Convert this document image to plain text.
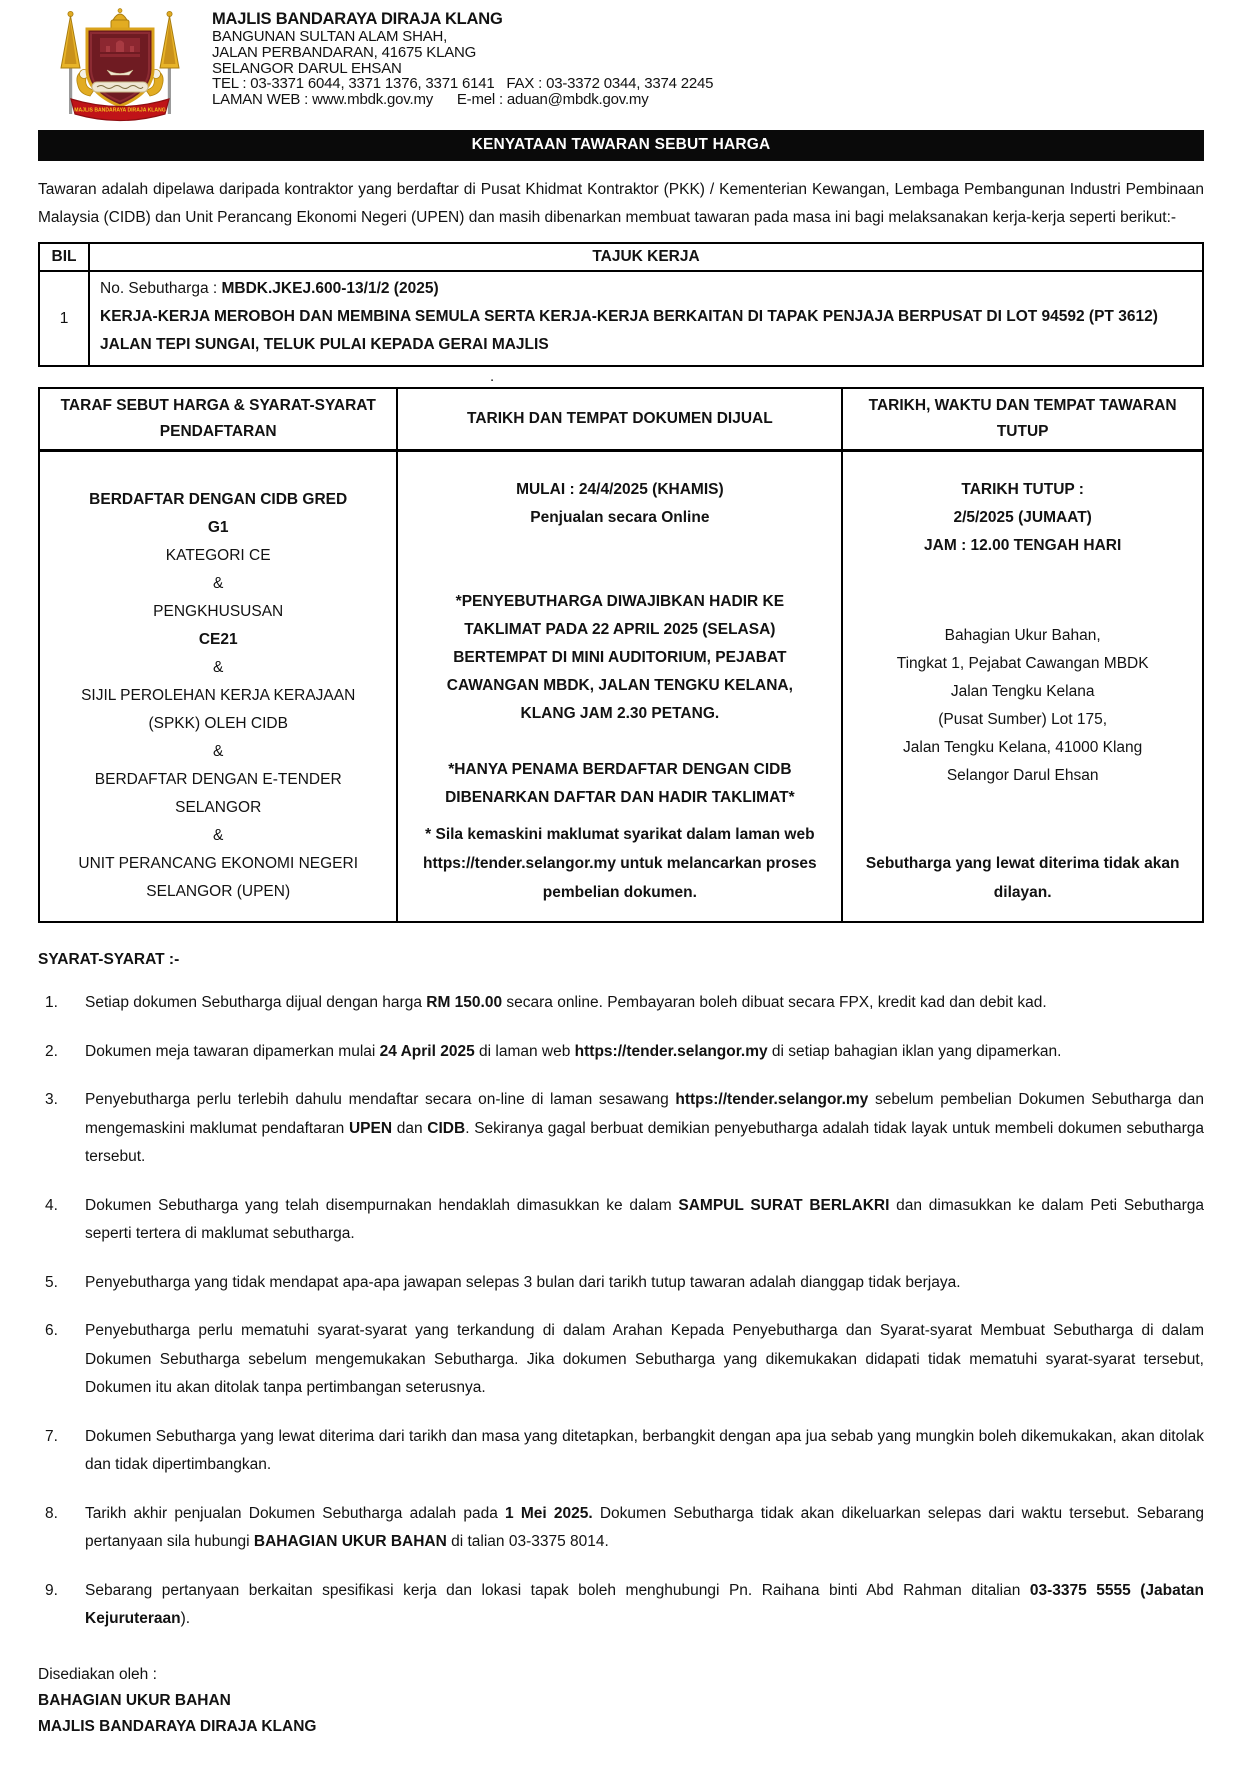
MAJLIS BANDARAYA DIRAJA KLANG
MAJLIS BANDARAYA DIRAJA KLANG
BANGUNAN SULTAN ALAM SHAH,
JALAN PERBANDARAN, 41675 KLANG
SELANGOR DARUL EHSAN
TEL : 03-3371 6044, 3371 1376, 3371 6141   FAX : 03-3372 0344, 3374 2245
LAMAN WEB : www.mbdk.gov.my      E-mel : aduan@mbdk.gov.my
KENYATAAN TAWARAN SEBUT HARGA

Tawaran adalah dipelawa daripada kontraktor yang berdaftar di Pusat Khidmat Kontraktor (PKK) / Kementerian Kewangan, Lembaga Pembangunan Industri Pembinaan Malaysia (CIDB) dan Unit Perancang Ekonomi Negeri (UPEN) dan masih dibenarkan membuat tawaran pada masa ini bagi melaksanakan kerja-kerja seperti berikut:-

BIL	TAJUK KERJA
1	No. Sebutharga : MBDK.JKEJ.600-13/1/2 (2025)
KERJA-KERJA MEROBOH DAN MEMBINA SEMULA SERTA KERJA-KERJA BERKAITAN DI TAPAK PENJAJA BERPUSAT DI LOT 94592 (PT 3612) JALAN TEPI SUNGAI, TELUK PULAI KEPADA GERAI MAJLIS
.
TARAF SEBUT HARGA & SYARAT-SYARAT PENDAFTARAN	TARIKH DAN TEMPAT DOKUMEN DIJUAL	TARIKH, WAKTU DAN TEMPAT TAWARAN TUTUP

BERDAFTAR DENGAN CIDB GRED
G1
KATEGORI CE
&
PENGKHUSUSAN
CE21
&
SIJIL PEROLEHAN KERJA KERAJAAN
(SPKK) OLEH CIDB
&
BERDAFTAR DENGAN E-TENDER
SELANGOR
&
UNIT PERANCANG EKONOMI NEGERI
SELANGOR (UPEN)

MULAI : 24/4/2025 (KHAMIS)
Penjualan secara Online
*PENYEBUTHARGA DIWAJIBKAN HADIR KE
TAKLIMAT PADA 22 APRIL 2025 (SELASA)
BERTEMPAT DI MINI AUDITORIUM, PEJABAT
CAWANGAN MBDK, JALAN TENGKU KELANA,
KLANG JAM 2.30 PETANG.
*HANYA PENAMA BERDAFTAR DENGAN CIDB
DIBENARKAN DAFTAR DAN HADIR TAKLIMAT*
* Sila kemaskini maklumat syarikat dalam laman web https://tender.selangor.my untuk melancarkan proses pembelian dokumen.

TARIKH TUTUP :
2/5/2025 (JUMAAT)
JAM : 12.00 TENGAH HARI
Bahagian Ukur Bahan,
Tingkat 1, Pejabat Cawangan MBDK
Jalan Tengku Kelana
(Pusat Sumber) Lot 175,
Jalan Tengku Kelana, 41000 Klang
Selangor Darul Ehsan
Sebutharga yang lewat diterima tidak akan dilayan.
SYARAT-SYARAT :-
1.	Setiap dokumen Sebutharga dijual dengan harga RM 150.00 secara online. Pembayaran boleh dibuat secara FPX, kredit kad dan debit kad.
2.	Dokumen meja tawaran dipamerkan mulai 24 April 2025 di laman web https://tender.selangor.my di setiap bahagian iklan yang dipamerkan.
3.	Penyebutharga perlu terlebih dahulu mendaftar secara on-line di laman sesawang https://tender.selangor.my sebelum pembelian Dokumen Sebutharga dan mengemaskini maklumat pendaftaran UPEN dan CIDB. Sekiranya gagal berbuat demikian penyebutharga adalah tidak layak untuk membeli dokumen sebutharga tersebut.
4.	Dokumen Sebutharga yang telah disempurnakan hendaklah dimasukkan ke dalam SAMPUL SURAT BERLAKRI dan dimasukkan ke dalam Peti Sebutharga seperti tertera di maklumat sebutharga.
5.	Penyebutharga yang tidak mendapat apa-apa jawapan selepas 3 bulan dari tarikh tutup tawaran adalah dianggap tidak berjaya.
6.	Penyebutharga perlu mematuhi syarat-syarat yang terkandung di dalam Arahan Kepada Penyebutharga dan Syarat-syarat Membuat Sebutharga di dalam Dokumen Sebutharga sebelum mengemukakan Sebutharga. Jika dokumen Sebutharga yang dikemukakan didapati tidak mematuhi syarat-syarat tersebut, Dokumen itu akan ditolak tanpa pertimbangan seterusnya.
7.	Dokumen Sebutharga yang lewat diterima dari tarikh dan masa yang ditetapkan, berbangkit dengan apa jua sebab yang mungkin boleh dikemukakan, akan ditolak dan tidak dipertimbangkan.
8.	Tarikh akhir penjualan Dokumen Sebutharga adalah pada 1 Mei 2025. Dokumen Sebutharga tidak akan dikeluarkan selepas dari waktu tersebut. Sebarang pertanyaan sila hubungi BAHAGIAN UKUR BAHAN di talian 03-3375 8014.
9.	Sebarang pertanyaan berkaitan spesifikasi kerja dan lokasi tapak boleh menghubungi Pn. Raihana binti Abd Rahman ditalian 03-3375 5555 (Jabatan Kejuruteraan).
Disediakan oleh :
BAHAGIAN UKUR BAHAN
MAJLIS BANDARAYA DIRAJA KLANG
